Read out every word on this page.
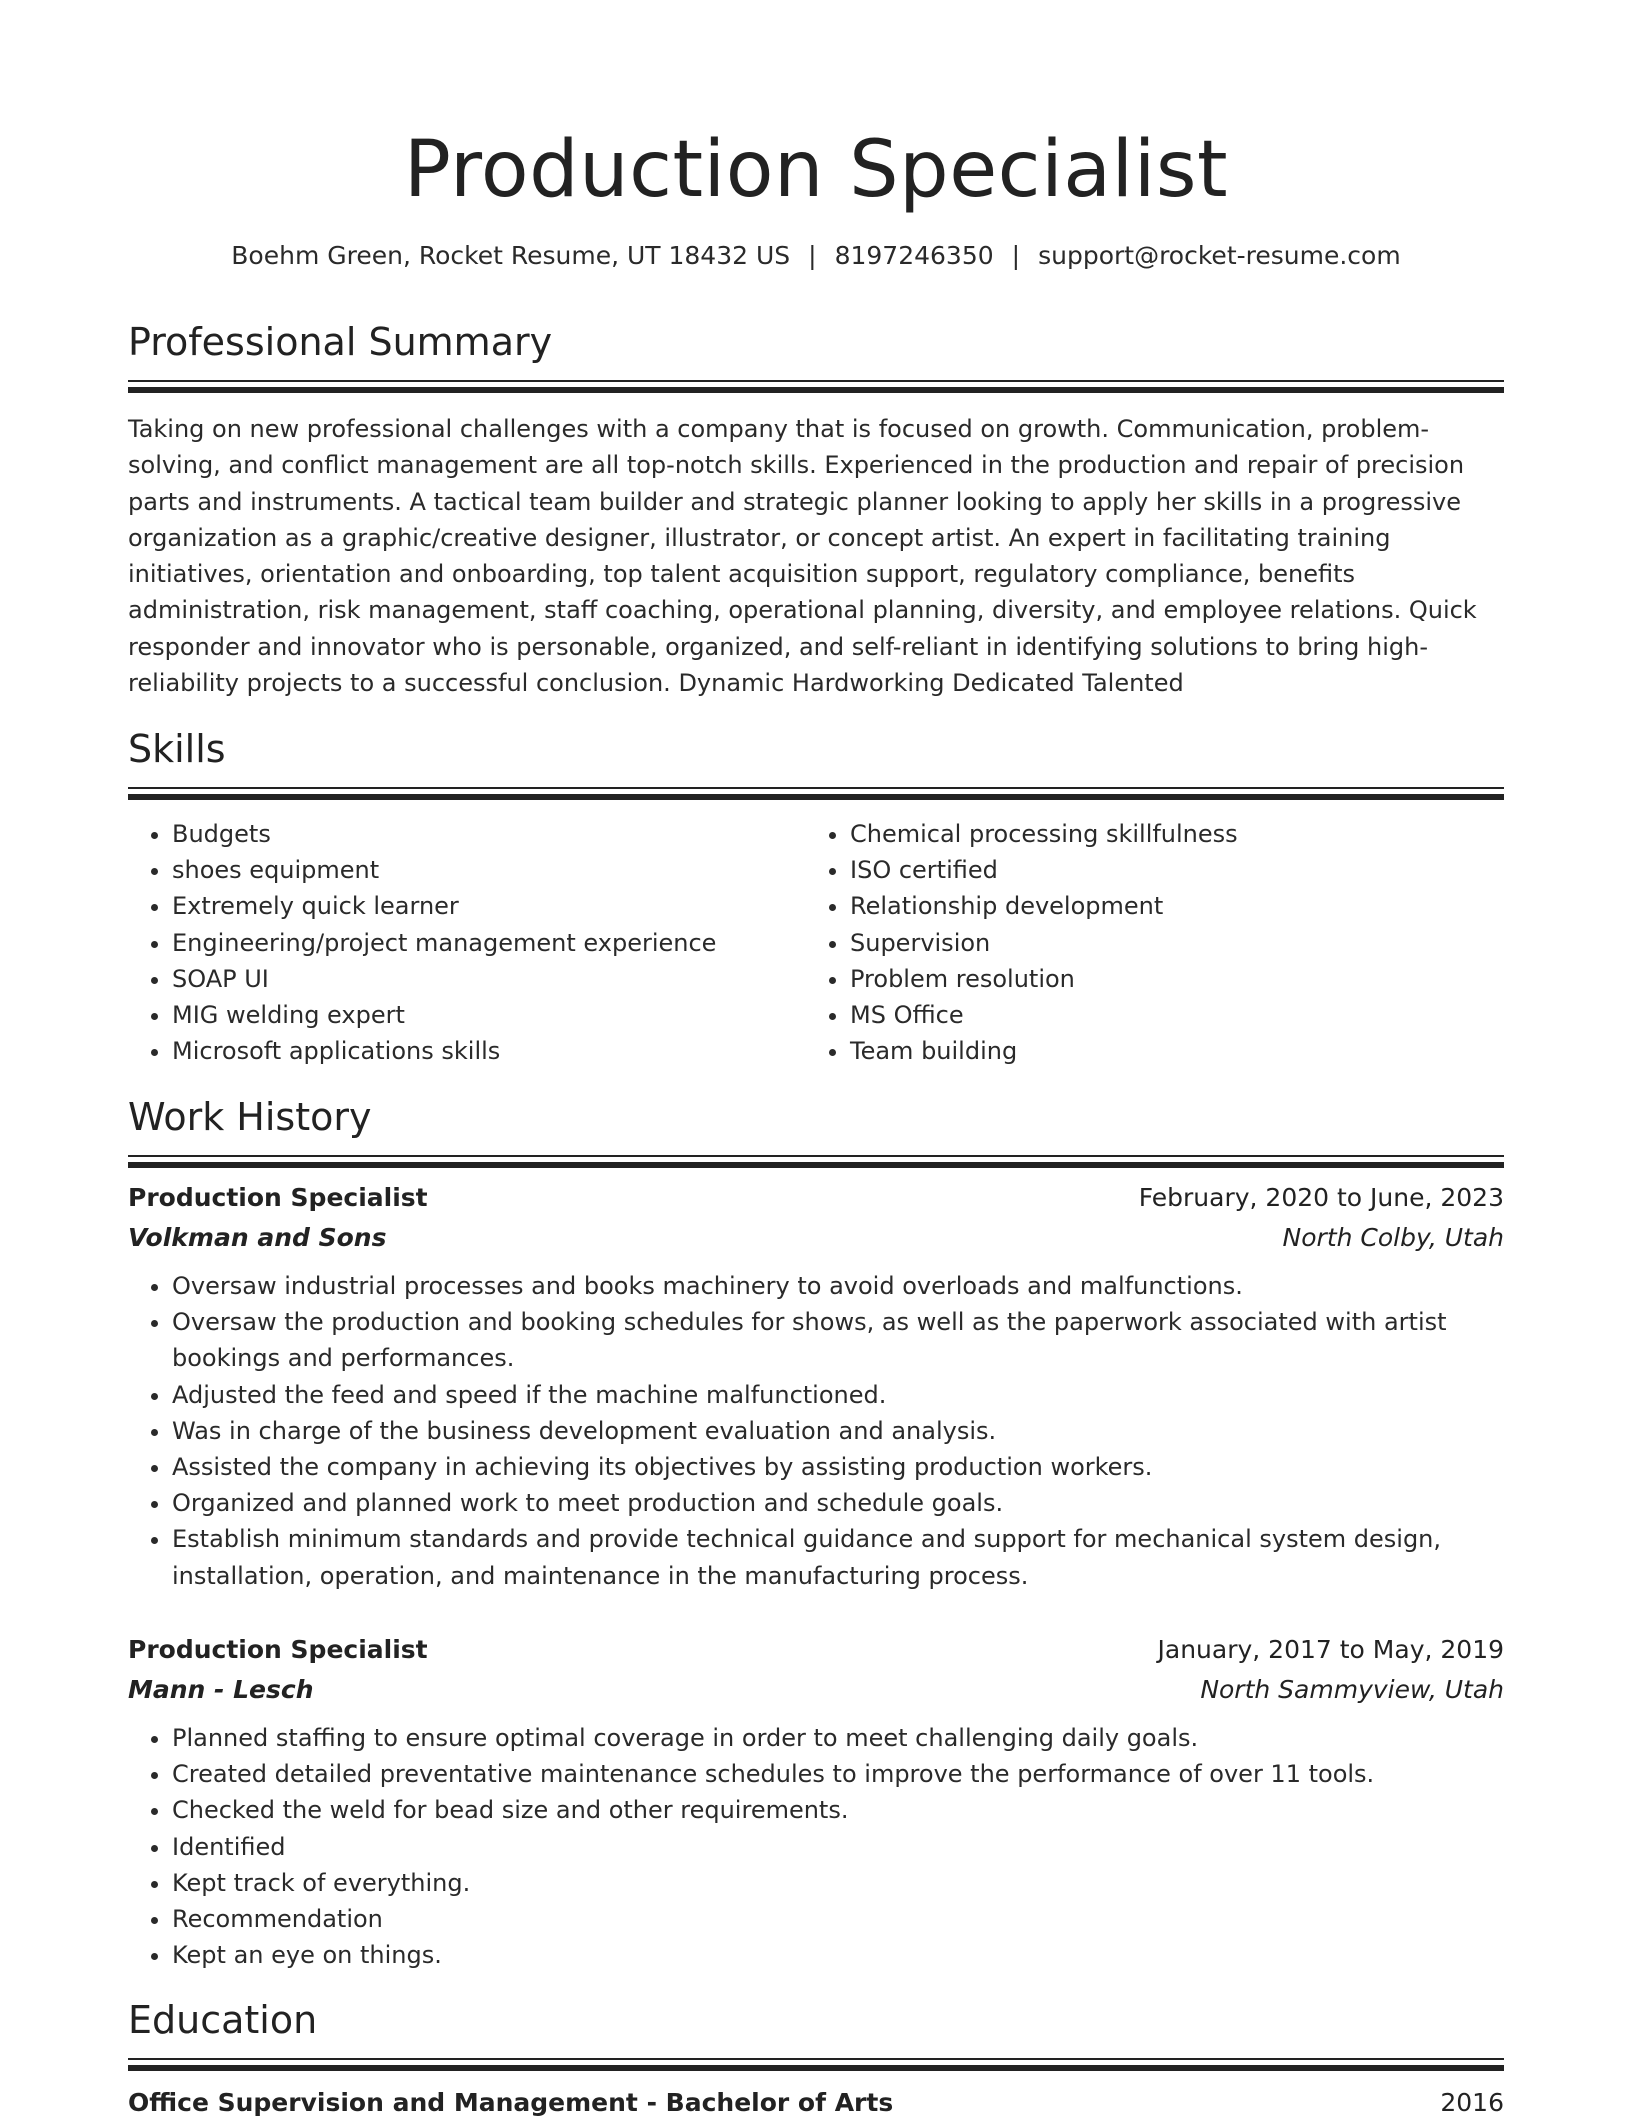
Production Specialist
Boehm Green, Rocket Resume, UT 18432 US | 8197246350 | support@rocket-resume.com
Professional Summary
Taking on new professional challenges with a company that is focused on growth. Communication, problem-solving, and conflict management are all top-notch skills. Experienced in the production and repair of precision parts and instruments. A tactical team builder and strategic planner looking to apply her skills in a progressive organization as a graphic/creative designer, illustrator, or concept artist. An expert in facilitating training initiatives, orientation and onboarding, top talent acquisition support, regulatory compliance, benefits administration, risk management, staff coaching, operational planning, diversity, and employee relations. Quick responder and innovator who is personable, organized, and self-reliant in identifying solutions to bring high-reliability projects to a successful conclusion. Dynamic Hardworking Dedicated Talented
Skills
• Budgets
• shoes equipment
• Extremely quick learner
• Engineering/project management experience
• SOAP UI
• MIG welding expert
• Microsoft applications skills
• Chemical processing skillfulness
• ISO certified
• Relationship development
• Supervision
• Problem resolution
• MS Office
• Team building
Work History
Production Specialist	February, 2020 to June, 2023
Volkman and Sons	North Colby, Utah
• Oversaw industrial processes and books machinery to avoid overloads and malfunctions.
• Oversaw the production and booking schedules for shows, as well as the paperwork associated with artist bookings and performances.
• Adjusted the feed and speed if the machine malfunctioned.
• Was in charge of the business development evaluation and analysis.
• Assisted the company in achieving its objectives by assisting production workers.
• Organized and planned work to meet production and schedule goals.
• Establish minimum standards and provide technical guidance and support for mechanical system design, installation, operation, and maintenance in the manufacturing process.
Production Specialist	January, 2017 to May, 2019
Mann - Lesch	North Sammyview, Utah
• Planned staffing to ensure optimal coverage in order to meet challenging daily goals.
• Created detailed preventative maintenance schedules to improve the performance of over 11 tools.
• Checked the weld for bead size and other requirements.
• Identified
• Kept track of everything.
• Recommendation
• Kept an eye on things.
Education
Office Supervision and Management - Bachelor of Arts	2016
